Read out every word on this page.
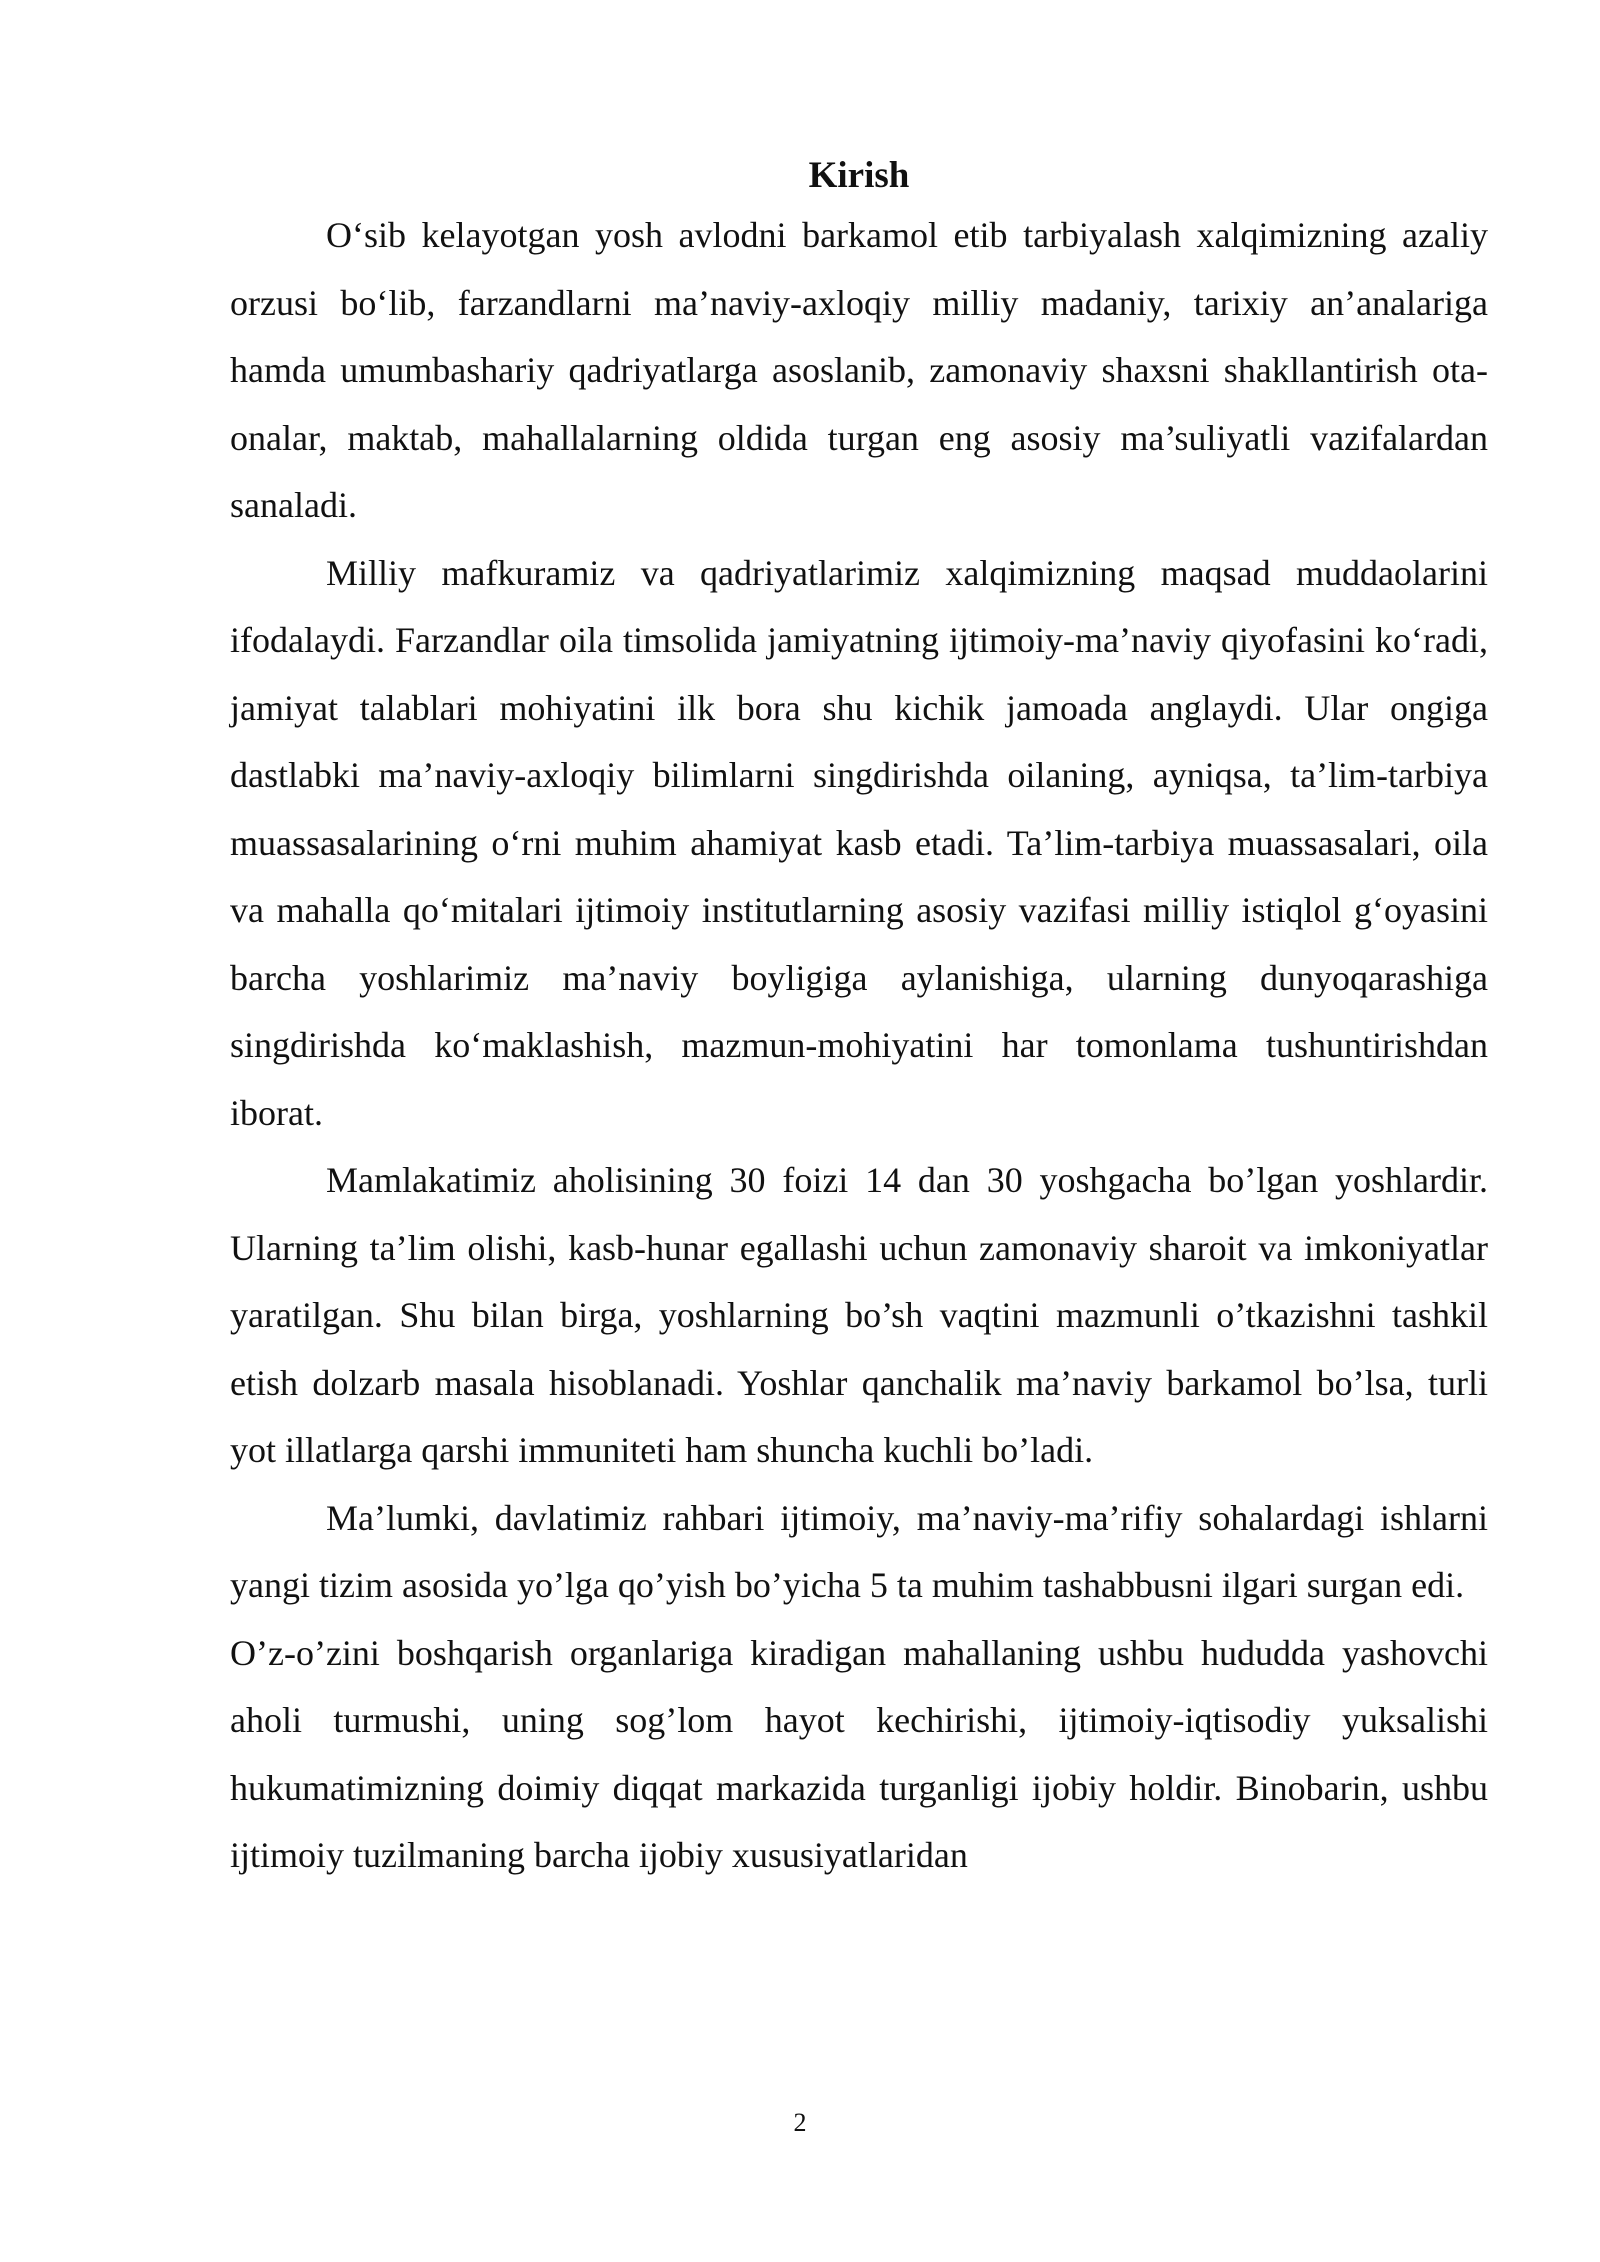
Kirish

O‘sib kelayotgan yosh avlodni barkamol etib tarbiyalash xalqimizning azaliy orzusi bo‘lib, farzandlarni ma’naviy-axloqiy milliy madaniy, tarixiy an’analariga hamda umumbashariy qadriyatlarga asoslanib, zamonaviy shaxsni shakllantirish ota-onalar, maktab, mahallalarning oldida turgan eng asosiy ma’suliyatli vazifalardan sanaladi.

Milliy mafkuramiz va qadriyatlarimiz xalqimizning maqsad muddaolarini ifodalaydi. Farzandlar oila timsolida jamiyatning ijtimoiy-ma’naviy qiyofasini ko‘radi, jamiyat talablari mohiyatini ilk bora shu kichik jamoada anglaydi. Ular ongiga dastlabki ma’naviy-axloqiy bilimlarni singdirishda oilaning, ayniqsa, ta’lim-tarbiya muassasalarining o‘rni muhim ahamiyat kasb etadi. Ta’lim-tarbiya muassasalari, oila va mahalla qo‘mitalari ijtimoiy institutlarning asosiy vazifasi milliy istiqlol g‘oyasini barcha yoshlarimiz ma’naviy boyligiga aylanishiga, ularning dunyoqarashiga singdirishda ko‘maklashish, mazmun-mohiyatini har tomonlama tushuntirishdan iborat.

Mamlakatimiz aholisining 30 foizi 14 dan 30 yoshgacha bo’lgan yoshlardir. Ularning ta’lim olishi, kasb-hunar egallashi uchun zamonaviy sharoit va imkoniyatlar yaratilgan. Shu bilan birga, yoshlarning bo’sh vaqtini mazmunli o’tkazishni tashkil etish dolzarb masala hisoblanadi. Yoshlar qanchalik ma’naviy barkamol bo’lsa, turli yot illatlarga qarshi immuniteti ham shuncha kuchli bo’ladi.

Ma’lumki, davlatimiz rahbari ijtimoiy, ma’naviy-ma’rifiy sohalardagi ishlarni yangi tizim asosida yo’lga qo’yish bo’yicha 5 ta muhim tashabbusni ilgari surgan edi.

O’z-o’zini boshqarish organlariga kiradigan mahallaning ushbu hududda yashovchi aholi turmushi, uning sog’lom hayot kechirishi, ijtimoiy-iqtisodiy yuksalishi hukumatimizning doimiy diqqat markazida turganligi ijobiy holdir. Binobarin, ushbu ijtimoiy tuzilmaning barcha ijobiy xususiyatlaridan

2
